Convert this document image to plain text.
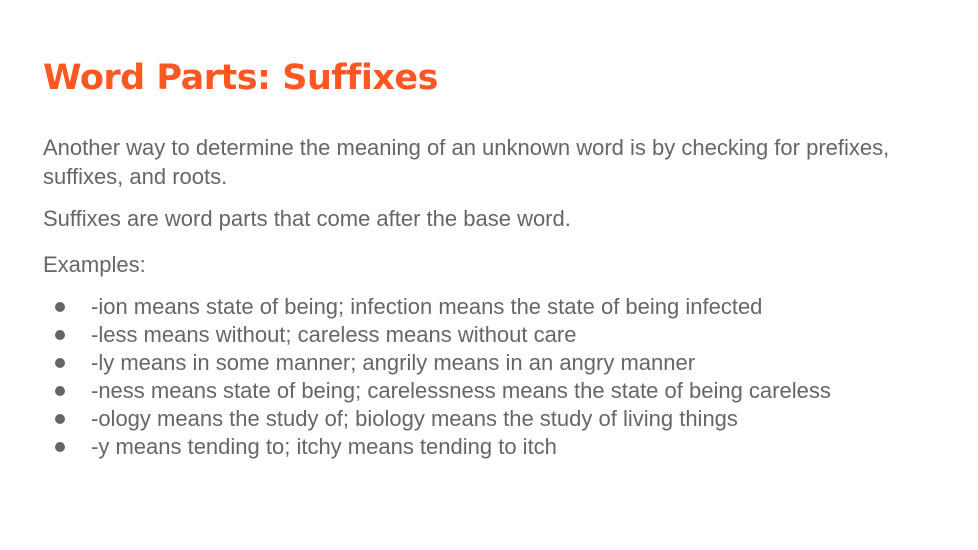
Word Parts: Suffixes

Another way to determine the meaning of an unknown word is by checking for prefixes, suffixes, and roots.

Suffixes are word parts that come after the base word.

Examples:

-ion means state of being; infection means the state of being infected
-less means without; careless means without care
-ly means in some manner; angrily means in an angry manner
-ness means state of being; carelessness means the state of being careless
-ology means the study of; biology means the study of living things
-y means tending to; itchy means tending to itch
